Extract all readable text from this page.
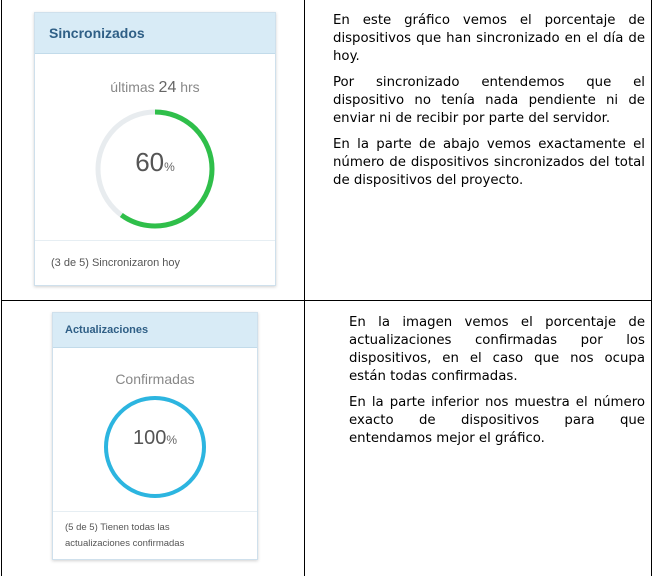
Sincronizados
últimas 24 hrs
60%
(3 de 5) Sincronizaron hoy
Actualizaciones
Confirmadas
100%
(5 de 5) Tienen todas las
actualizaciones confirmadas

En este gráfico vemos el porcentaje de dispositivos que han sincronizado en el día de hoy.

Por sincronizado entendemos que el dispositivo no tenía nada pendiente ni de enviar ni de recibir por parte del servidor.

En la parte de abajo vemos exactamente el número de dispositivos sincronizados del total de dispositivos del proyecto.

En la imagen vemos el porcentaje de actualizaciones confirmadas por los dispositivos, en el caso que nos ocupa están todas confirmadas.

En la parte inferior nos muestra el número exacto de dispositivos para que entendamos mejor el gráfico.
